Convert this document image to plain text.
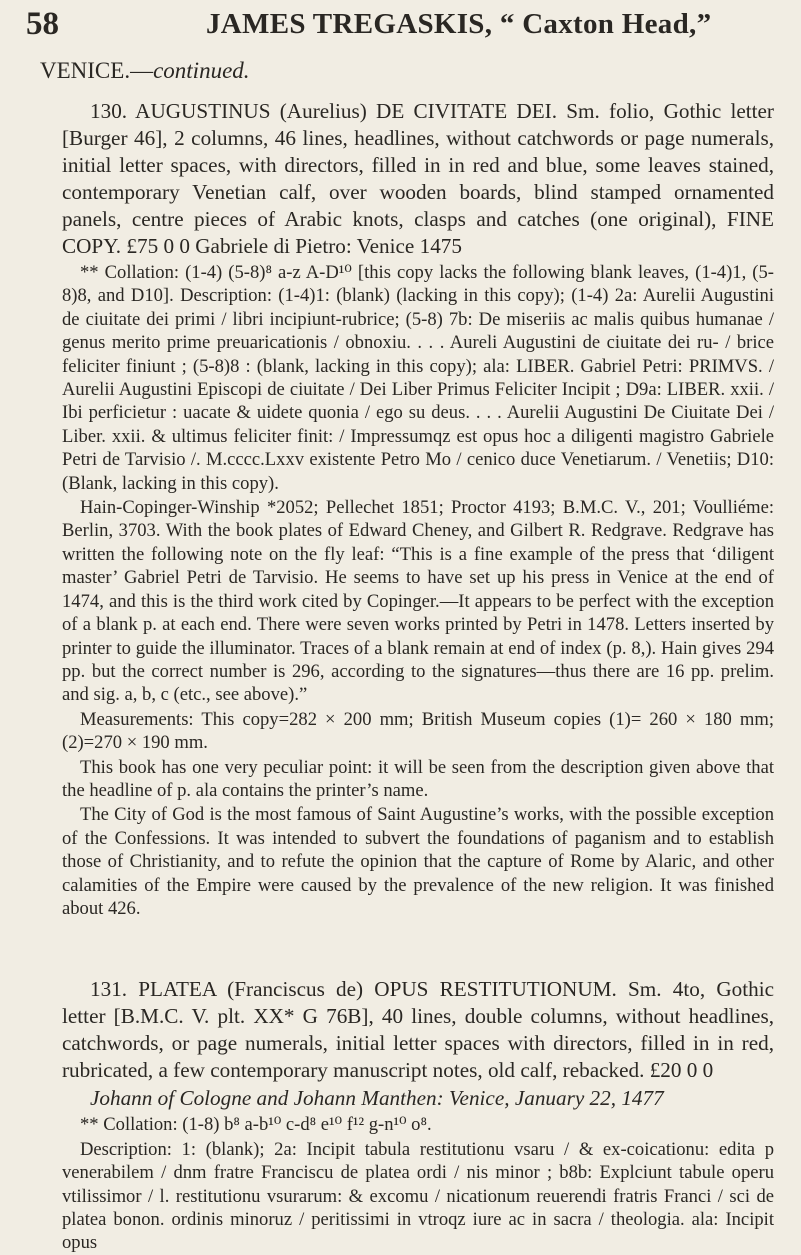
58	JAMES TREGASKIS, “ Caxton Head,”
VENICE.—continued.

130. AUGUSTINUS (Aurelius) DE CIVITATE DEI. Sm. folio, Gothic letter [Burger 46], 2 columns, 46 lines, headlines, without catchwords or page numerals, initial letter spaces, with directors, filled in in red and blue, some leaves stained, contemporary Venetian calf, over wooden boards, blind stamped ornamented panels, centre pieces of Arabic knots, clasps and catches (one original), FINE COPY. £75 0 0 Gabriele di Pietro: Venice 1475

** Collation: (1-4) (5-8)⁸ a-z A-D¹⁰ [this copy lacks the following blank leaves, (1-4)1, (5-8)8, and D10]. Description: (1-4)1: (blank) (lacking in this copy); (1-4) 2a: Aurelii Augustini de ciuitate dei primi / libri incipiunt-rubrice; (5-8) 7b: De miseriis ac malis quibus humanae / genus merito prime preuaricationis / obnoxiu. . . . Aureli Augustini de ciuitate dei ru- / brice feliciter finiunt ; (5-8)8 : (blank, lacking in this copy); ala: LIBER. Gabriel Petri: PRIMVS. / Aurelii Augustini Episcopi de ciuitate / Dei Liber Primus Feliciter Incipit ; D9a: LIBER. xxii. / Ibi perficietur : uacate & uidete quonia / ego su deus. . . . Aurelii Augustini De Ciuitate Dei / Liber. xxii. & ultimus feliciter finit: / Impressumqz est opus hoc a diligenti magistro Gabriele Petri de Tarvisio /. M.cccc.Lxxv existente Petro Mo / cenico duce Venetiarum. / Venetiis; D10: (Blank, lacking in this copy).

Hain-Copinger-Winship *2052; Pellechet 1851; Proctor 4193; B.M.C. V., 201; Voulliéme: Berlin, 3703. With the book plates of Edward Cheney, and Gilbert R. Redgrave. Redgrave has written the following note on the fly leaf: “This is a fine example of the press that ‘diligent master’ Gabriel Petri de Tarvisio. He seems to have set up his press in Venice at the end of 1474, and this is the third work cited by Copinger.—It appears to be perfect with the exception of a blank p. at each end. There were seven works printed by Petri in 1478. Letters inserted by printer to guide the illuminator. Traces of a blank remain at end of index (p. 8,). Hain gives 294 pp. but the correct number is 296, according to the signatures—thus there are 16 pp. prelim. and sig. a, b, c (etc., see above).”

Measurements: This copy=282 × 200 mm; British Museum copies (1)= 260 × 180 mm; (2)=270 × 190 mm.

This book has one very peculiar point: it will be seen from the description given above that the headline of p. ala contains the printer’s name.

The City of God is the most famous of Saint Augustine’s works, with the possible exception of the Confessions. It was intended to subvert the foundations of paganism and to establish those of Christianity, and to refute the opinion that the capture of Rome by Alaric, and other calamities of the Empire were caused by the prevalence of the new religion. It was finished about 426.

131. PLATEA (Franciscus de) OPUS RESTITUTIONUM. Sm. 4to, Gothic letter [B.M.C. V. plt. XX* G 76B], 40 lines, double columns, without headlines, catchwords, or page numerals, initial letter spaces with directors, filled in in red, rubricated, a few contemporary manuscript notes, old calf, rebacked. £20 0 0

Johann of Cologne and Johann Manthen: Venice, January 22, 1477

** Collation: (1-8) b⁸ a-b¹⁰ c-d⁸ e¹⁰ f¹² g-n¹⁰ o⁸.

Description: 1: (blank); 2a: Incipit tabula restitutionu vsaru / & ex-coicationu: edita p venerabilem / dnm fratre Franciscu de platea ordi / nis minor ; b8b: Explciunt tabule operu vtilissimor / l. restitutionu vsurarum: & excomu / nicationum reuerendi fratris Franci / sci de platea bonon. ordinis minoruz / peritissimi in vtroqz iure ac in sacra / theologia. ala: Incipit opus
